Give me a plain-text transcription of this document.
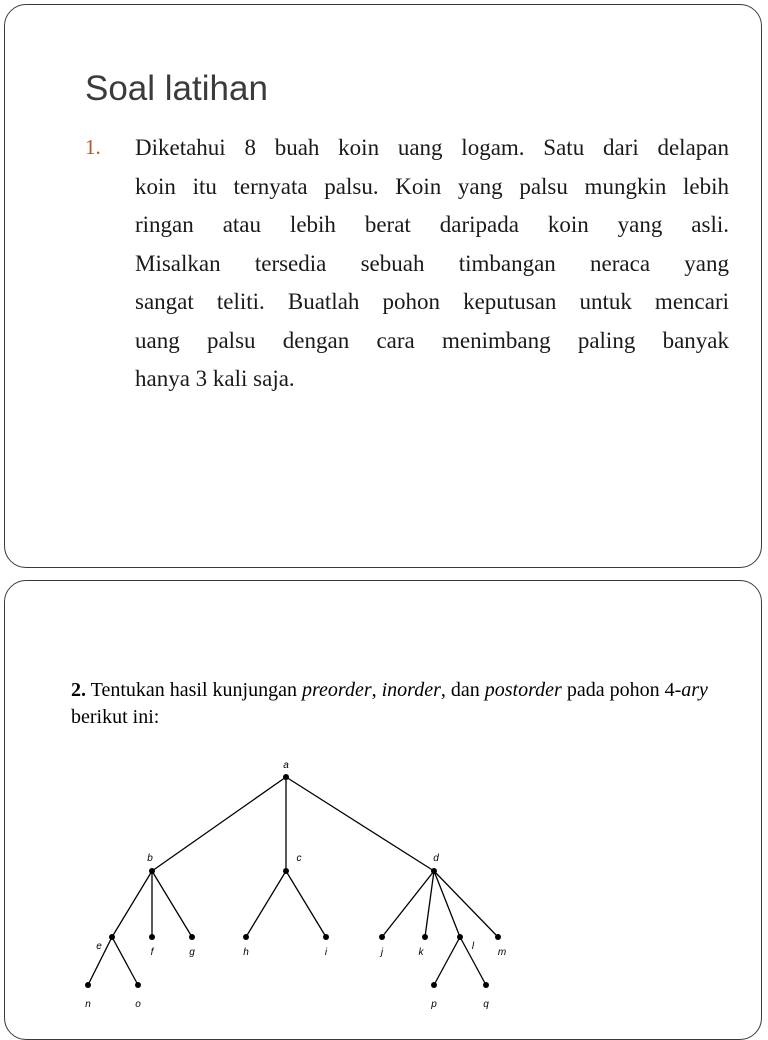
Soal latihan
1. Diketahui 8 buah koin uang logam. Satu dari delapan
koin itu ternyata palsu. Koin yang palsu mungkin lebih
ringan atau lebih berat daripada koin yang asli.
Misalkan tersedia sebuah timbangan neraca yang
sangat teliti. Buatlah pohon keputusan untuk mencari
uang palsu dengan cara menimbang paling banyak
hanya 3 kali saja.

2. Tentukan hasil kunjungan preorder, inorder, dan postorder pada pohon 4-ary berikut ini:

a
b	c	d
e
f	g	h	i	j	k
l
m
n	o	p	q
